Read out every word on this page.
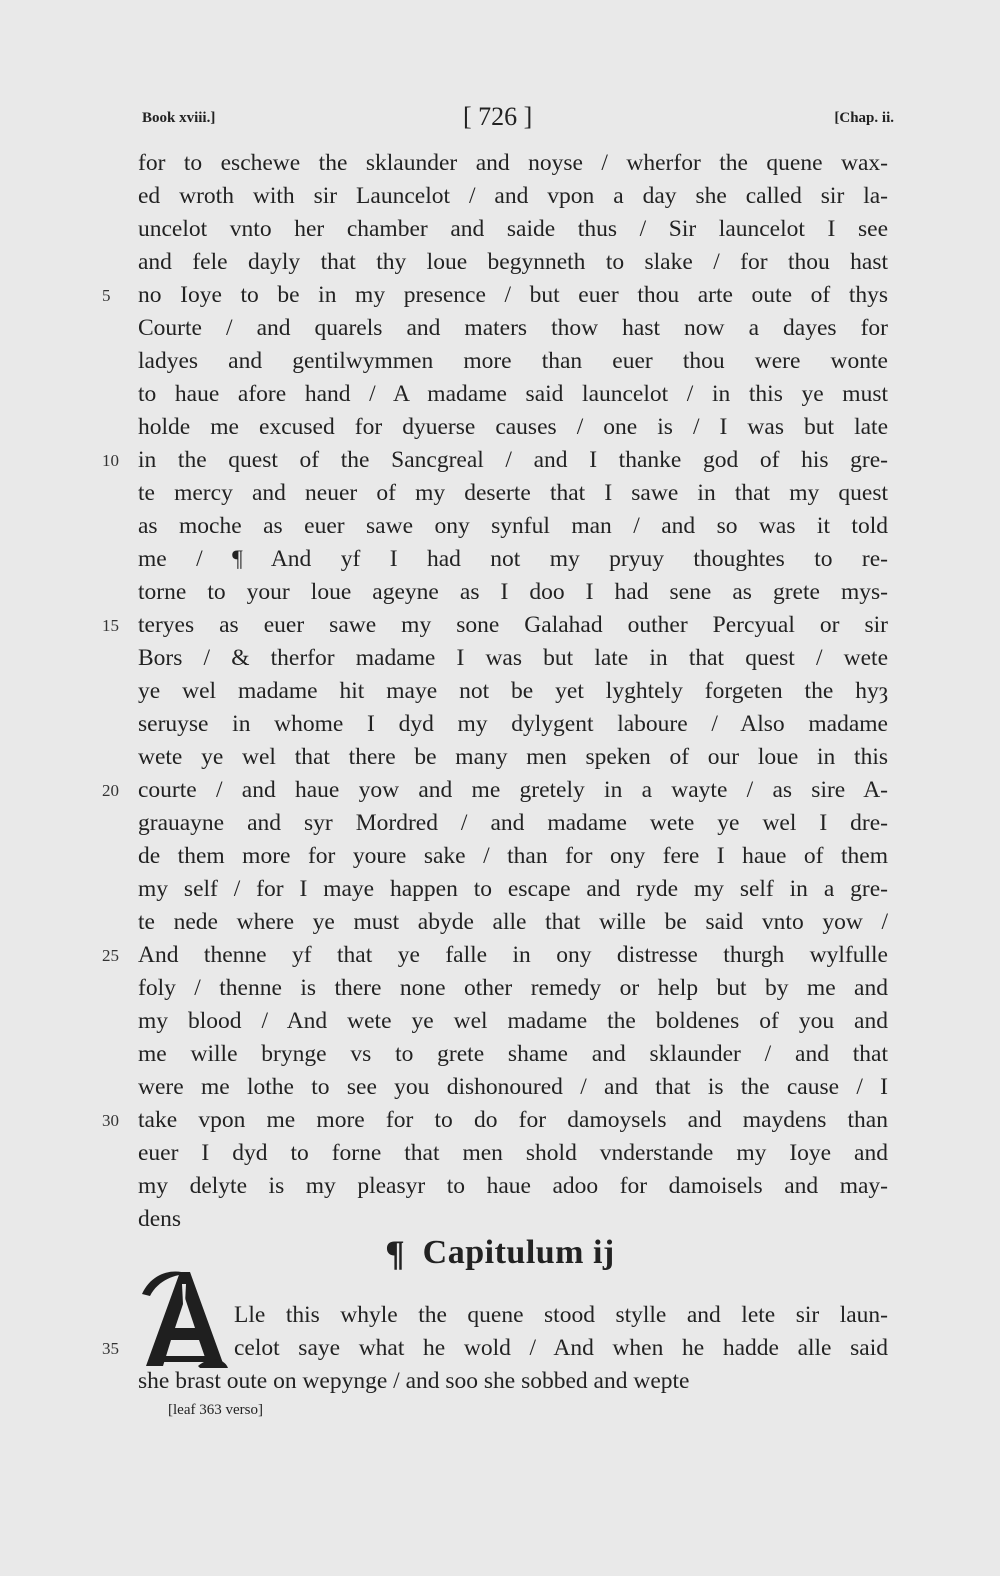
Book xviii.]	[ 726 ]	[Chap. ii.
for to eschewe the sklaunder and noyse / wherfor the quene wax-
ed wroth with sir Launcelot / and vpon a day she called sir la-
uncelot vnto her chamber and saide thus / Sir launcelot I see
and fele dayly that thy loue begynneth to slake / for thou hast
5	no Ioye to be in my presence / but euer thou arte oute of thys
Courte / and quarels and maters thow hast now a dayes for
ladyes and gentilwymmen more than euer thou were wonte
to haue afore hand / A madame said launcelot / in this ye must
holde me excused for dyuerse causes / one is / I was but late
10 in the quest of the Sancgreal / and I thanke god of his gre-
te mercy and neuer of my deserte that I sawe in that my quest
as moche as euer sawe ony synful man / and so was it told
me / ¶ And yf I had not my pryuy thoughtes to re-
torne to your loue ageyne as I doo I had sene as grete mys-
15 teryes as euer sawe my sone Galahad outher Percyual or sir
Bors / & therfor madame I was but late in that quest / wete
ye wel madame hit maye not be yet lyghtely forgeten the hyȝ
seruyse in whome I dyd my dylygent laboure / Also madame
wete ye wel that there be many men speken of our loue in this
20 courte / and haue yow and me gretely in a wayte / as sire A-
grauayne and syr Mordred / and madame wete ye wel I dre-
de them more for youre sake / than for ony fere I haue of them
my self / for I maye happen to escape and ryde my self in a gre-
te nede where ye must abyde alle that wille be said vnto yow /
25 And thenne yf that ye falle in ony distresse thurgh wylfulle
foly / thenne is there none other remedy or help but by me and
my blood / And wete ye wel madame the boldenes of you and
me wille brynge vs to grete shame and sklaunder / and that
were me lothe to see you dishonoured / and that is the cause / I
30 take vpon me more for to do for damoysels and maydens than
euer I dyd to forne that men shold vnderstande my Ioye and
my delyte is my pleasyr to haue adoo for damoisels and may-
dens
¶ Capitulum ij
Lle this whyle the quene stood stylle and lete sir laun-
35	celot saye what he wold / And when he hadde alle said
she brast oute on wepynge / and soo she sobbed and wepte
[leaf 363 verso]
